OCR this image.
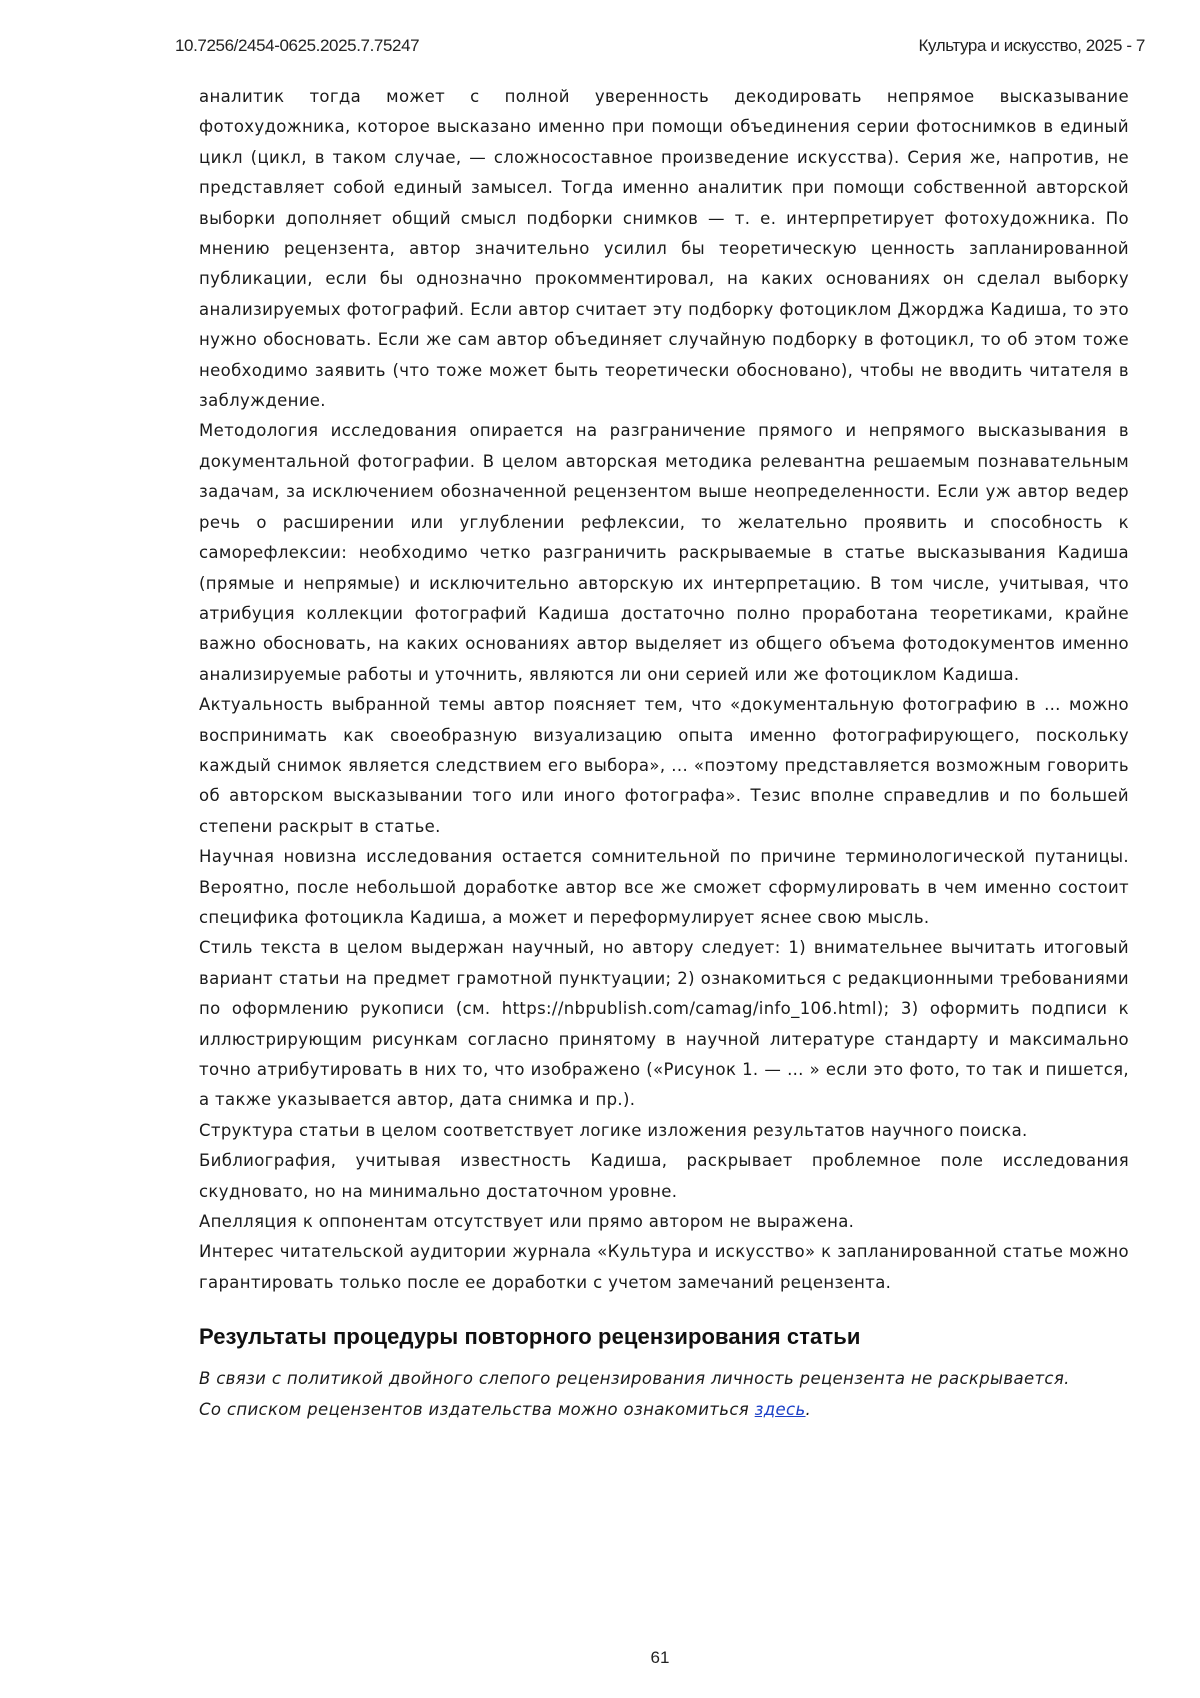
10.7256/2454-0625.2025.7.75247	Культура и искусство, 2025 - 7

аналитик тогда может с полной уверенность декодировать непрямое высказывание фотохудожника, которое высказано именно при помощи объединения серии фотоснимков в единый цикл (цикл, в таком случае, — сложносоставное произведение искусства). Серия же, напротив, не представляет собой единый замысел. Тогда именно аналитик при помощи собственной авторской выборки дополняет общий смысл подборки снимков — т. е. интерпретирует фотохудожника. По мнению рецензента, автор значительно усилил бы теоретическую ценность запланированной публикации, если бы однозначно прокомментировал, на каких основаниях он сделал выборку анализируемых фотографий. Если автор считает эту подборку фотоциклом Джорджа Кадиша, то это нужно обосновать. Если же сам автор объединяет случайную подборку в фотоцикл, то об этом тоже необходимо заявить (что тоже может быть теоретически обосновано), чтобы не вводить читателя в заблуждение.

Методология исследования опирается на разграничение прямого и непрямого высказывания в документальной фотографии. В целом авторская методика релевантна решаемым познавательным задачам, за исключением обозначенной рецензентом выше неопределенности. Если уж автор ведер речь о расширении или углублении рефлексии, то желательно проявить и способность к саморефлексии: необходимо четко разграничить раскрываемые в статье высказывания Кадиша (прямые и непрямые) и исключительно авторскую их интерпретацию. В том числе, учитывая, что атрибуция коллекции фотографий Кадиша достаточно полно проработана теоретиками, крайне важно обосновать, на каких основаниях автор выделяет из общего объема фотодокументов именно анализируемые работы и уточнить, являются ли они серией или же фотоциклом Кадиша.

Актуальность выбранной темы автор поясняет тем, что «документальную фотографию в … можно воспринимать как своеобразную визуализацию опыта именно фотографирующего, поскольку каждый снимок является следствием его выбора», ... «поэтому представляется возможным говорить об авторском высказывании того или иного фотографа». Тезис вполне справедлив и по большей степени раскрыт в статье.

Научная новизна исследования остается сомнительной по причине терминологической путаницы. Вероятно, после небольшой доработке автор все же сможет сформулировать в чем именно состоит специфика фотоцикла Кадиша, а может и переформулирует яснее свою мысль.

Стиль текста в целом выдержан научный, но автору следует: 1) внимательнее вычитать итоговый вариант статьи на предмет грамотной пунктуации; 2) ознакомиться с редакционными требованиями по оформлению рукописи (см. https://nbpublish.com/camag/info_106.html); 3) оформить подписи к иллюстрирующим рисункам согласно принятому в научной литературе стандарту и максимально точно атрибутировать в них то, что изображено («Рисунок 1. — … » если это фото, то так и пишется, а также указывается автор, дата снимка и пр.).

Структура статьи в целом соответствует логике изложения результатов научного поиска.

Библиография, учитывая известность Кадиша, раскрывает проблемное поле исследования скудновато, но на минимально достаточном уровне.

Апелляция к оппонентам отсутствует или прямо автором не выражена.

Интерес читательской аудитории журнала «Культура и искусство» к запланированной статье можно гарантировать только после ее доработки с учетом замечаний рецензента.

Результаты процедуры повторного рецензирования статьи

В связи с политикой двойного слепого рецензирования личность рецензента не раскрывается.

Со списком рецензентов издательства можно ознакомиться здесь.

61
